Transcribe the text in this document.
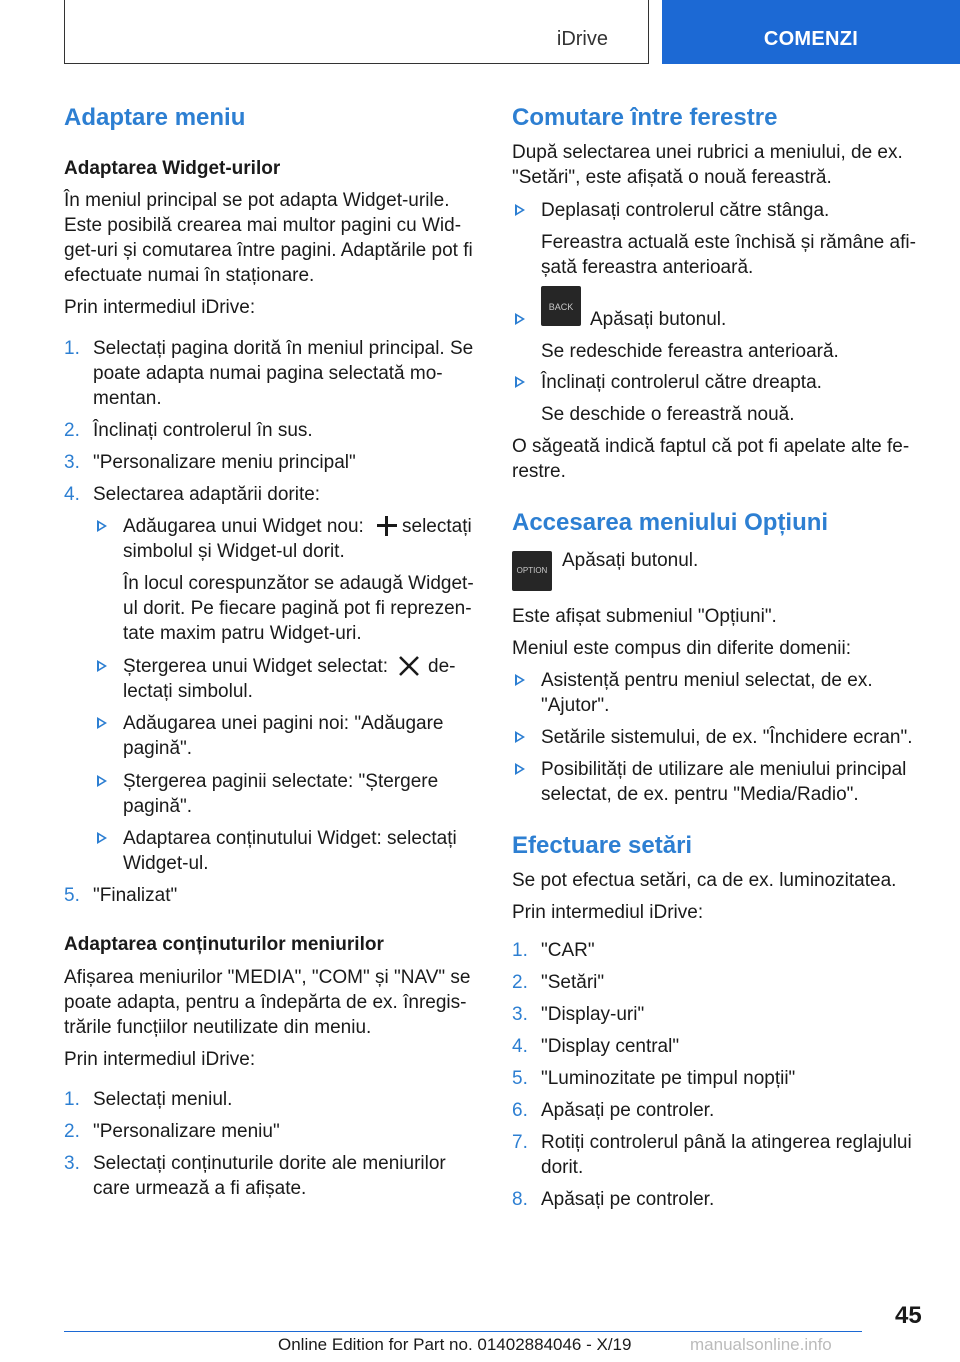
iDrive	COMENZI
Adaptare meniu
Adaptarea Widget-urilor
În meniul principal se pot adapta Widget-urile.
Este posibilă crearea mai multor pagini cu Wid-
get-uri și comutarea între pagini. Adaptările pot fi
efectuate numai în staționare.
Prin intermediul iDrive:
1. Selectați pagina dorită în meniul principal. Se
poate adapta numai pagina selectată mo-
mentan.
2. Înclinați controlerul în sus.
3. "Personalizare meniu principal"
4. Selectarea adaptării dorite:
Adăugarea unui Widget nou: selectați
simbolul și Widget-ul dorit.
În locul corespunzător se adaugă Widget-
ul dorit. Pe fiecare pagină pot fi reprezen-
tate maxim patru Widget-uri.
Ștergerea unui Widget selectat: de-
lectați simbolul.
Adăugarea unei pagini noi: "Adăugare
pagină".
Ștergerea paginii selectate: "Ștergere
pagină".
Adaptarea conținutului Widget: selectați
Widget-ul.
5. "Finalizat"
Adaptarea conținuturilor meniurilor
Afișarea meniurilor "MEDIA", "COM" și "NAV" se
poate adapta, pentru a îndepărta de ex. înregis-
trările funcțiilor neutilizate din meniu.
Prin intermediul iDrive:
1. Selectați meniul.
2. "Personalizare meniu"
3. Selectați conținuturile dorite ale meniurilor
care urmează a fi afișate.
Comutare între ferestre
După selectarea unei rubrici a meniului, de ex.
"Setări", este afișată o nouă fereastră.
Deplasați controlerul către stânga.
Fereastra actuală este închisă și rămâne afi-
șată fereastra anterioară.
BACK
Apăsați butonul.
Se redeschide fereastra anterioară.
Înclinați controlerul către dreapta.
Se deschide o fereastră nouă.
O săgeată indică faptul că pot fi apelate alte fe-
restre.
Accesarea meniului Opțiuni
OPTION Apăsați butonul.
Este afișat submeniul "Opțiuni".
Meniul este compus din diferite domenii:
Asistență pentru meniul selectat, de ex.
"Ajutor".
Setările sistemului, de ex. "Închidere ecran".
Posibilități de utilizare ale meniului principal
selectat, de ex. pentru "Media/Radio".
Efectuare setări
Se pot efectua setări, ca de ex. luminozitatea.
Prin intermediul iDrive:
1. "CAR"
2. "Setări"
3. "Display-uri"
4. "Display central"
5. "Luminozitate pe timpul nopții"
6. Apăsați pe controler.
7. Rotiți controlerul până la atingerea reglajului
dorit.
8. Apăsați pe controler.
45
Online Edition for Part no. 01402884046 - X/19	manualsonline.info
